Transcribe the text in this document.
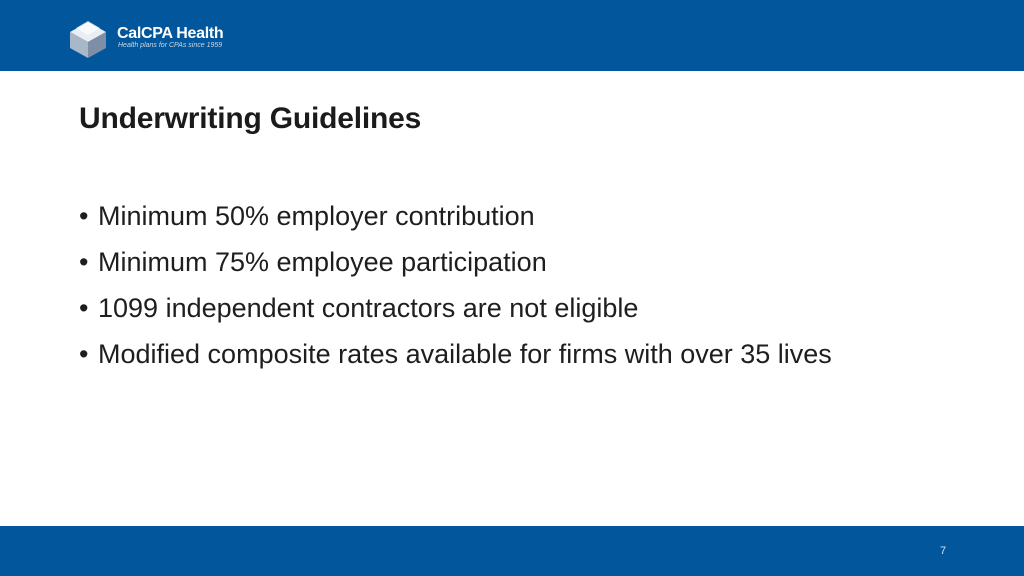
CalCPA Health
Health plans for CPAs since 1959
Underwriting Guidelines
• Minimum 50% employer contribution
• Minimum 75% employee participation
• 1099 independent contractors are not eligible
• Modified composite rates available for firms with over 35 lives
7
